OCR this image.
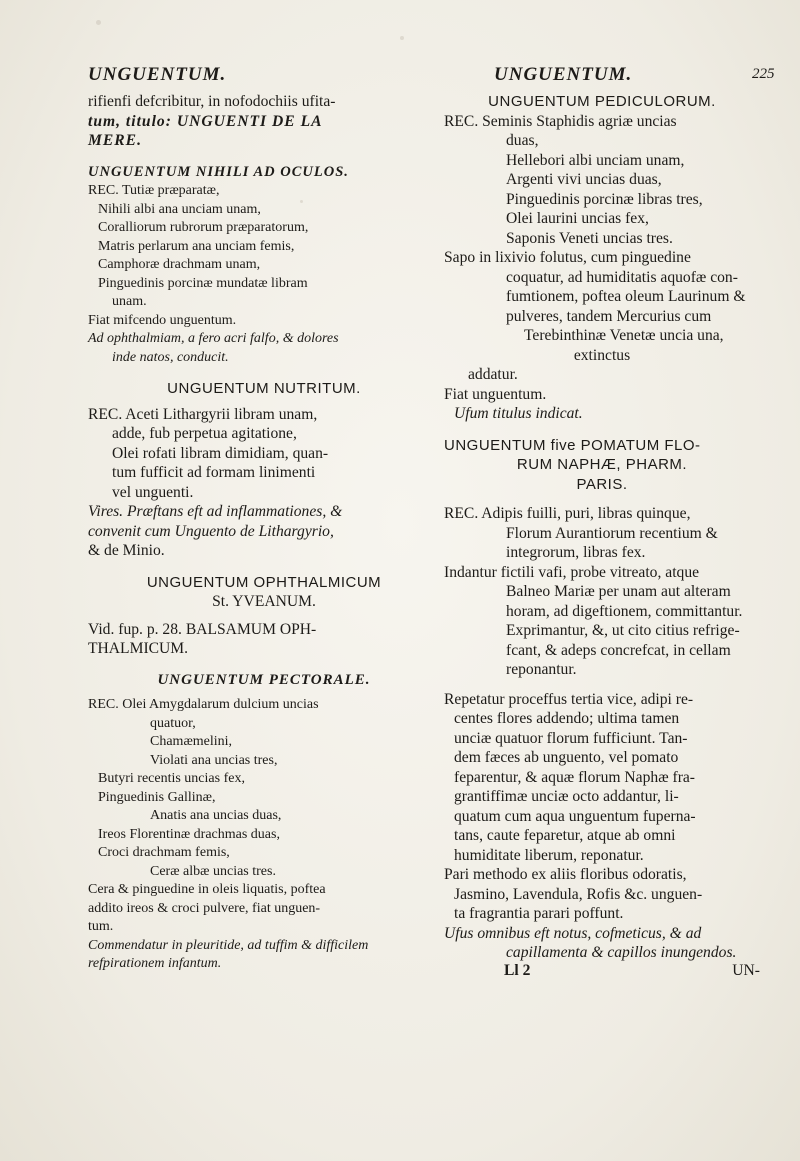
UNGUENTUM.	UNGUENTUM.	225

rifienfi defcribitur, in nofodochiis ufita-

tum, titulo: UNGUENTI DE LA

MERE.

UNGUENTUM NIHILI AD OCULOS.

REC. Tutiæ præparatæ,

Nihili albi ana unciam unam,

Coralliorum rubrorum præparatorum,

Matris perlarum ana unciam femis,

Camphoræ drachmam unam,

Pinguedinis porcinæ mundatæ libram

unam.

Fiat mifcendo unguentum.

Ad ophthalmiam, a fero acri falfo, & dolores

inde natos, conducit.

UNGUENTUM NUTRITUM.

REC. Aceti Lithargyrii libram unam,

adde, fub perpetua agitatione,

Olei rofati libram dimidiam, quan-

tum fufficit ad formam linimenti

vel unguenti.

Vires. Præftans eft ad inflammationes, &

convenit cum Unguento de Lithargyrio,

& de Minio.

UNGUENTUM OPHTHALMICUM

St. YVEANUM.

Vid. fup. p. 28. BALSAMUM OPH-

THALMICUM.

UNGUENTUM PECTORALE.

REC. Olei Amygdalarum dulcium uncias

quatuor,

Chamæmelini,

Violati ana uncias tres,

Butyri recentis uncias fex,

Pinguedinis Gallinæ,

Anatis ana uncias duas,

Ireos Florentinæ drachmas duas,

Croci drachmam femis,

Ceræ albæ uncias tres.

Cera & pinguedine in oleis liquatis, poftea

addito ireos & croci pulvere, fiat unguen-

tum.

Commendatur in pleuritide, ad tuffim & difficilem

refpirationem infantum.

UNGUENTUM PEDICULORUM.

REC. Seminis Staphidis agriæ uncias

duas,

Hellebori albi unciam unam,

Argenti vivi uncias duas,

Pinguedinis porcinæ libras tres,

Olei laurini uncias fex,

Saponis Veneti uncias tres.

Sapo in lixivio folutus, cum pinguedine

coquatur, ad humiditatis aquofæ con-

fumtionem, poftea oleum Laurinum &

pulveres, tandem Mercurius cum

Terebinthinæ Venetæ uncia una,

extinctus

addatur.

Fiat unguentum.

Ufum titulus indicat.

UNGUENTUM five POMATUM FLO-

RUM NAPHÆ, PHARM.

PARIS.

REC. Adipis fuilli, puri, libras quinque,

Florum Aurantiorum recentium &

integrorum, libras fex.

Indantur fictili vafi, probe vitreato, atque

Balneo Mariæ per unam aut alteram

horam, ad digeftionem, committantur.

Exprimantur, &, ut cito citius refrige-

fcant, & adeps concrefcat, in cellam

reponantur.

Repetatur proceffus tertia vice, adipi re-

centes flores addendo; ultima tamen

unciæ quatuor florum fufficiunt. Tan-

dem fæces ab unguento, vel pomato

feparentur, & aquæ florum Naphæ fra-

grantiffimæ unciæ octo addantur, li-

quatum cum aqua unguentum fuperna-

tans, caute feparetur, atque ab omni

humiditate liberum, reponatur.

Pari methodo ex aliis floribus odoratis,

Jasmino, Lavendula, Rofis &c. unguen-

ta fragrantia parari poffunt.

Ufus omnibus eft notus, cofmeticus, & ad

capillamenta & capillos inungendos.

Ll 2	UN-
